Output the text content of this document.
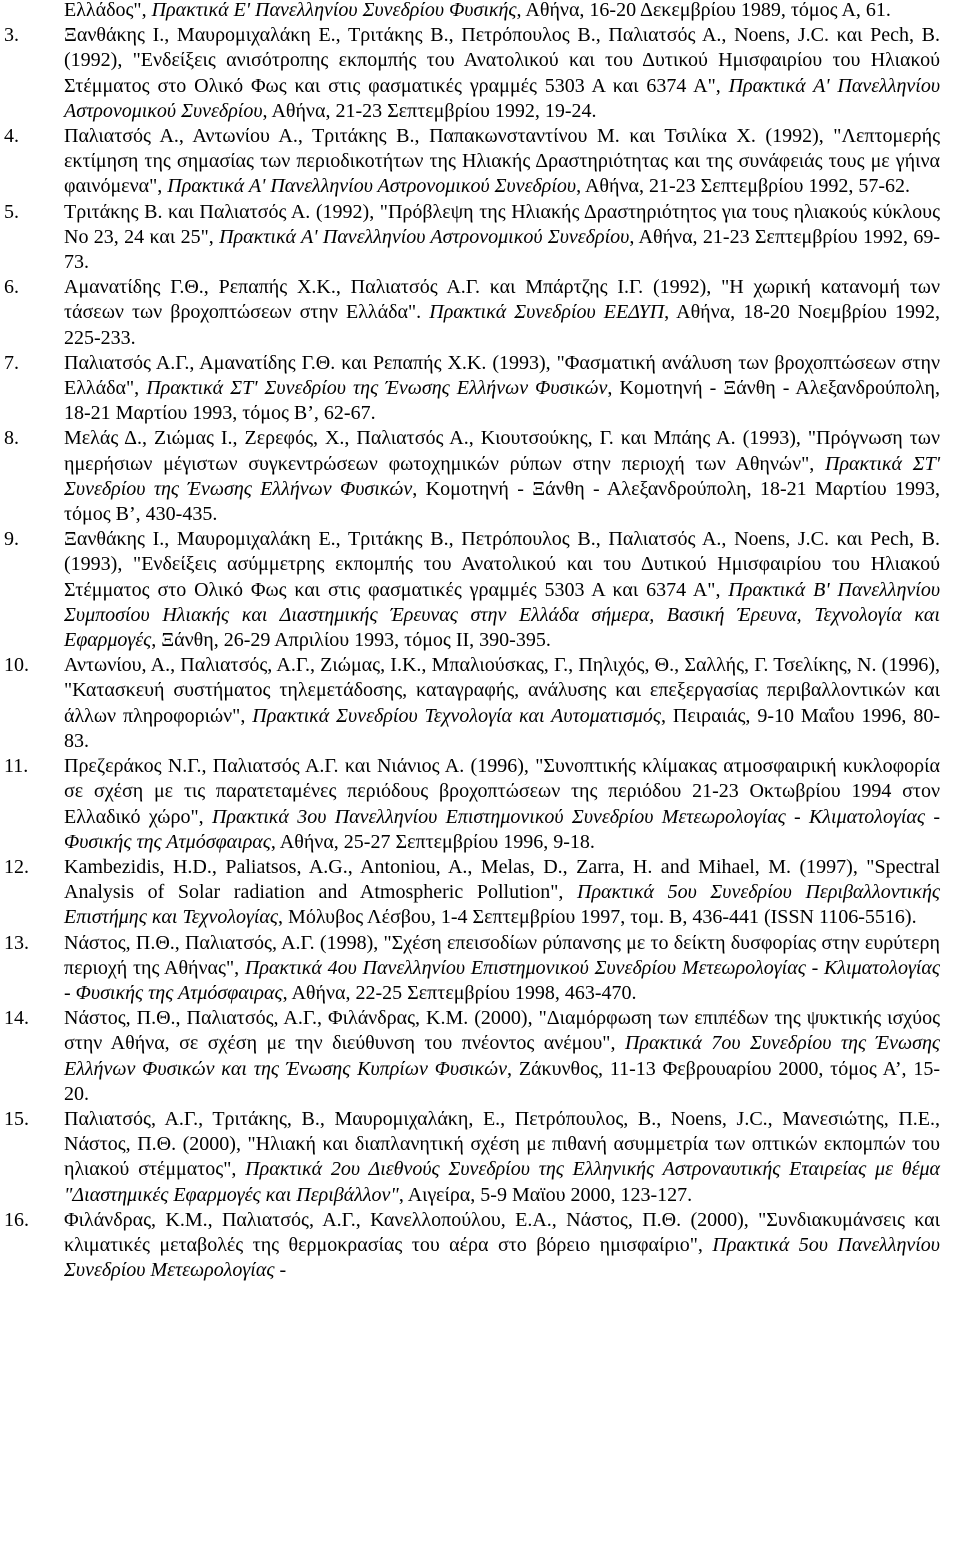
Ελλάδος", Πρακτικά Ε' Πανελληνίου Συνεδρίου Φυσικής, Αθήνα, 16-20 Δεκεμβρίου 1989, τόμος Α, 61.
3.	Ξανθάκης Ι., Μαυρομιχαλάκη Ε., Τριτάκης Β., Πετρόπουλος Β., Παλιατσός Α., Noens, J.C. και Pech, B. (1992), "Ενδείξεις ανισότροπης εκπομπής του Ανατολικού και του Δυτικού Ημισφαιρίου του Ηλιακού Στέμματος στο Ολικό Φως και στις φασματικές γραμμές 5303 Α και 6374 Α", Πρακτικά Α' Πανελληνίου Αστρονομικού Συνεδρίου, Αθήνα, 21-23 Σεπτεμβρίου 1992, 19-24.
4.	Παλιατσός Α., Αντωνίου Α., Τριτάκης Β., Παπακωνσταντίνου Μ. και Τσιλίκα Χ. (1992), "Λεπτομερής εκτίμηση της σημασίας των περιοδικοτήτων της Ηλιακής Δραστηριότητας και της συνάφειάς τους με γήινα φαινόμενα", Πρακτικά Α' Πανελληνίου Αστρονομικού Συνεδρίου, Αθήνα, 21-23 Σεπτεμβρίου 1992, 57-62.
5.	Τριτάκης Β. και Παλιατσός Α. (1992), "Πρόβλεψη της Ηλιακής Δραστηριότητος για τους ηλιακούς κύκλους No 23, 24 και 25", Πρακτικά Α' Πανελληνίου Αστρονομικού Συνεδρίου, Αθήνα, 21-23 Σεπτεμβρίου 1992, 69-73.
6.	Αμανατίδης Γ.Θ., Ρεπαπής Χ.Κ., Παλιατσός Α.Γ. και Μπάρτζης Ι.Γ. (1992), "Η χωρική κατανομή των τάσεων των βροχοπτώσεων στην Ελλάδα". Πρακτικά Συνεδρίου ΕΕΔΥΠ, Αθήνα, 18-20 Νοεμβρίου 1992, 225-233.
7.	Παλιατσός Α.Γ., Αμανατίδης Γ.Θ. και Ρεπαπής Χ.Κ. (1993), "Φασματική ανάλυση των βροχοπτώσεων στην Ελλάδα", Πρακτικά ΣΤ' Συνεδρίου της Ένωσης Ελλήνων Φυσικών, Κομοτηνή - Ξάνθη - Αλεξανδρούπολη, 18-21 Μαρτίου 1993, τόμος Β’, 62-67.
8.	Μελάς Δ., Ζιώμας Ι., Ζερεφός, Χ., Παλιατσός Α., Κιουτσούκης, Γ. και Μπάης Α. (1993), "Πρόγνωση των ημερήσιων μέγιστων συγκεντρώσεων φωτοχημικών ρύπων στην περιοχή των Αθηνών", Πρακτικά ΣΤ' Συνεδρίου της Ένωσης Ελλήνων Φυσικών, Κομοτηνή - Ξάνθη - Αλεξανδρούπολη, 18-21 Μαρτίου 1993, τόμος Β’, 430-435.
9.	Ξανθάκης Ι., Μαυρομιχαλάκη Ε., Τριτάκης Β., Πετρόπουλος Β., Παλιατσός Α., Noens, J.C. και Pech, B. (1993), "Ενδείξεις ασύμμετρης εκπομπής του Ανατολικού και του Δυτικού Ημισφαιρίου του Ηλιακού Στέμματος στο Ολικό Φως και στις φασματικές γραμμές 5303 Α και 6374 Α", Πρακτικά Β' Πανελληνίου Συμποσίου Ηλιακής και Διαστημικής Έρευνας στην Ελλάδα σήμερα, Βασική Έρευνα, Τεχνολογία και Εφαρμογές, Ξάνθη, 26-29 Απριλίου 1993, τόμος ΙΙ, 390-395.
10.	Αντωνίου, Α., Παλιατσός, Α.Γ., Ζιώμας, Ι.Κ., Μπαλιούσκας, Γ., Πηλιχός, Θ., Σαλλής, Γ. Τσελίκης, Ν. (1996), "Κατασκευή συστήματος τηλεμετάδοσης, καταγραφής, ανάλυσης και επεξεργασίας περιβαλλοντικών και άλλων πληροφοριών", Πρακτικά Συνεδρίου Τεχνολογία και Αυτοματισμός, Πειραιάς, 9-10 Μαΐου 1996, 80-83.
11.	Πρεζεράκος Ν.Γ., Παλιατσός Α.Γ. και Νιάνιος Α. (1996), "Συνοπτικής κλίμακας ατμοσφαιρική κυκλοφορία σε σχέση με τις παρατεταμένες περιόδους βροχοπτώσεων της περιόδου 21-23 Οκτωβρίου 1994 στον Ελλαδικό χώρο", Πρακτικά 3ου Πανελληνίου Επιστημονικού Συνεδρίου Μετεωρολογίας - Κλιματολογίας - Φυσικής της Ατμόσφαιρας, Αθήνα, 25-27 Σεπτεμβρίου 1996, 9-18.
12.	Kambezidis, H.D., Paliatsos, A.G., Antoniou, A., Melas, D., Zarra, H. and Mihael, M. (1997), "Spectral Analysis of Solar radiation and Atmospheric Pollution", Πρακτικά 5ου Συνεδρίου Περιβαλλοντικής Επιστήμης και Τεχνολογίας, Μόλυβος Λέσβου, 1-4 Σεπτεμβρίου 1997, τομ. Β, 436-441 (ISSN 1106-5516).
13.	Νάστος, Π.Θ., Παλιατσός, Α.Γ. (1998), "Σχέση επεισοδίων ρύπανσης με το δείκτη δυσφορίας στην ευρύτερη περιοχή της Αθήνας", Πρακτικά 4ου Πανελληνίου Επιστημονικού Συνεδρίου Μετεωρολογίας - Κλιματολογίας - Φυσικής της Ατμόσφαιρας, Αθήνα, 22-25 Σεπτεμβρίου 1998, 463-470.
14.	Νάστος, Π.Θ., Παλιατσός, Α.Γ., Φιλάνδρας, Κ.Μ. (2000), "Διαμόρφωση των επιπέδων της ψυκτικής ισχύος στην Αθήνα, σε σχέση με την διεύθυνση του πνέοντος ανέμου", Πρακτικά 7ου Συνεδρίου της Ένωσης Ελλήνων Φυσικών και της Ένωσης Κυπρίων Φυσικών, Ζάκυνθος, 11-13 Φεβρουαρίου 2000, τόμος Α’, 15-20.
15.	Παλιατσός, Α.Γ., Τριτάκης, Β., Μαυρομιχαλάκη, Ε., Πετρόπουλος, Β., Noens, J.C., Μανεσιώτης, Π.Ε., Νάστος, Π.Θ. (2000), "Ηλιακή και διαπλανητική σχέση με πιθανή ασυμμετρία των οπτικών εκπομπών του ηλιακού στέμματος", Πρακτικά 2ου Διεθνούς Συνεδρίου της Ελληνικής Αστροναυτικής Εταιρείας με θέμα "Διαστημικές Εφαρμογές και Περιβάλλον", Αιγείρα, 5-9 Μαϊου 2000, 123-127.
16.	Φιλάνδρας, Κ.Μ., Παλιατσός, Α.Γ., Κανελλοπούλου, Ε.Α., Νάστος, Π.Θ. (2000), "Συνδιακυμάνσεις και κλιματικές μεταβολές της θερμοκρασίας του αέρα στο βόρειο ημισφαίριο", Πρακτικά 5ου Πανελληνίου Συνεδρίου Μετεωρολογίας -
